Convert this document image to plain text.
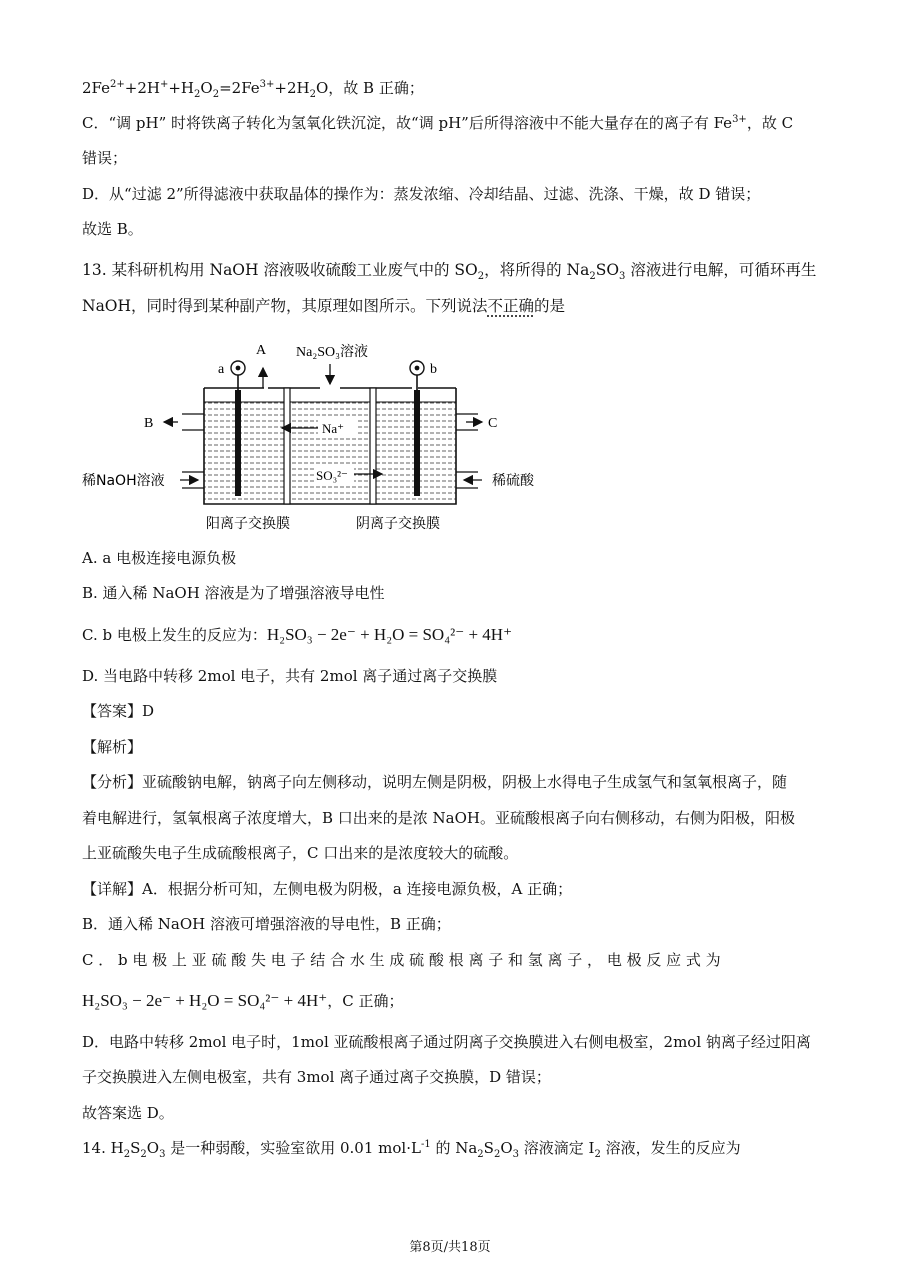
$2Fe^{2+}+2H^++H_2O_2=2Fe^{3+}+2H_2O$，故 B 正确；
C．“调 pH” 时将铁离子转化为氢氧化铁沉淀，故“调 pH”后所得溶液中不能大量存在的离子有 $Fe^{3+}$，故 C
错误；
D．从“过滤 2”所得滤液中获取晶体的操作为：蒸发浓缩、冷却结晶、过滤、洗涤、干燥，故 D 错误；
故选 B。
13. 某科研机构用 NaOH 溶液吸收硫酸工业废气中的 $SO_2$，将所得的 $Na_2SO_3$ 溶液进行电解，可循环再生
NaOH，同时得到某种副产物，其原理如图所示。下列说法不正确的是
a	b
A Na₂SO₃溶液
B
稀NaOH溶液
C
稀硫酸
Na⁺
SO₃²⁻
阳离子交换膜	阴离子交换膜
A. a 电极连接电源负极
B. 通入稀 NaOH 溶液是为了增强溶液导电性
C. b 电极上发生的反应为：H₂SO₃ − 2e⁻ + H₂O = SO₄²⁻ + 4H⁺
D. 当电路中转移 2mol 电子，共有 2mol 离子通过离子交换膜
【答案】D
【解析】
【分析】亚硫酸钠电解，钠离子向左侧移动，说明左侧是阴极，阴极上水得电子生成氢气和氢氧根离子，随
着电解进行，氢氧根离子浓度增大，B 口出来的是浓 NaOH。亚硫酸根离子向右侧移动，右侧为阳极，阳极
上亚硫酸失电子生成硫酸根离子，C 口出来的是浓度较大的硫酸。
【详解】A．根据分析可知，左侧电极为阴极，a 连接电源负极，A 正确；
B．通入稀 NaOH 溶液可增强溶液的导电性，B 正确；
C ． b 电 极 上 亚 硫 酸 失 电 子 结 合 水 生 成 硫 酸 根 离 子 和 氢 离 子 ， 电 极 反 应 式 为
H₂SO₃ − 2e⁻ + H₂O = SO₄²⁻ + 4H⁺，C 正确；
D．电路中转移 2mol 电子时，1mol 亚硫酸根离子通过阴离子交换膜进入右侧电极室，2mol 钠离子经过阳离
子交换膜进入左侧电极室，共有 3mol 离子通过离子交换膜，D 错误；
故答案选 D。
14. $H_2S_2O_3$ 是一种弱酸，实验室欲用 0.01 $mol\cdot L^{-1}$ 的 $Na_2S_2O_3$ 溶液滴定 $I_2$ 溶液，发生的反应为
第8页/共18页
